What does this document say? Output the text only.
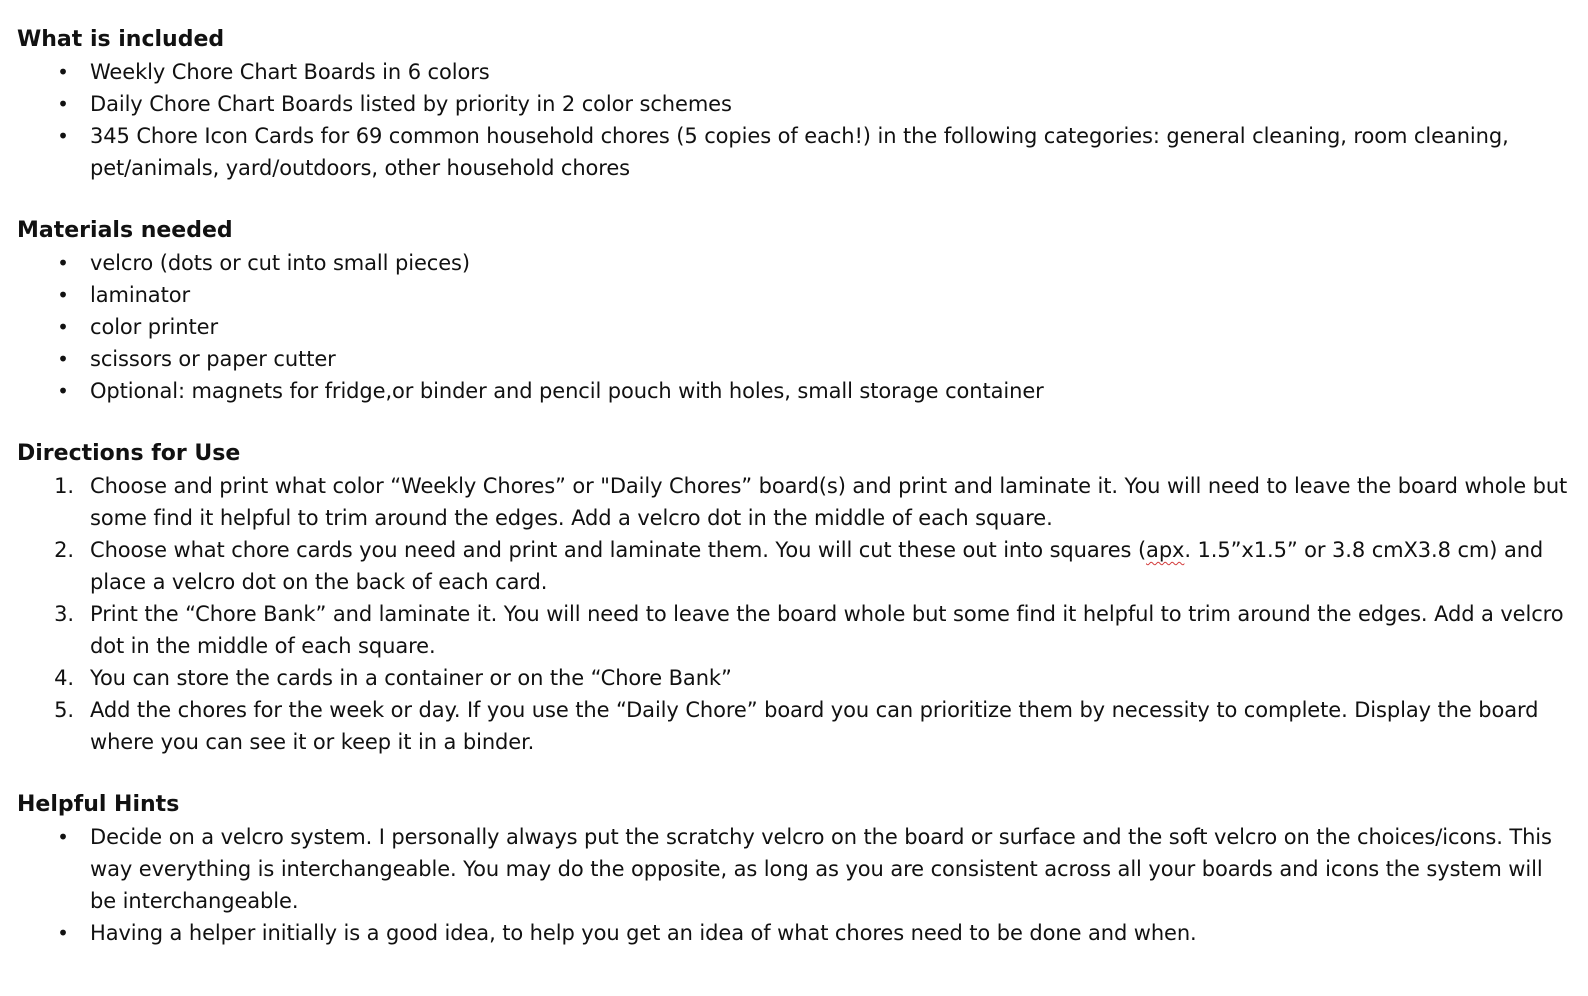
What is included

• Weekly Chore Chart Boards in 6 colors
• Daily Chore Chart Boards listed by priority in 2 color schemes
• 345 Chore Icon Cards for 69 common household chores (5 copies of each!) in the following categories: general cleaning, room cleaning, pet/animals, yard/outdoors, other household chores

Materials needed

• velcro (dots or cut into small pieces)
• laminator
• color printer
• scissors or paper cutter
• Optional: magnets for fridge,or binder and pencil pouch with holes, small storage container

Directions for Use

1. Choose and print what color “Weekly Chores” or "Daily Chores” board(s) and print and laminate it. You will need to leave the board whole but some find it helpful to trim around the edges. Add a velcro dot in the middle of each square.
2. Choose what chore cards you need and print and laminate them. You will cut these out into squares (apx. 1.5”x1.5” or 3.8 cmX3.8 cm) and place a velcro dot on the back of each card.
3. Print the “Chore Bank” and laminate it. You will need to leave the board whole but some find it helpful to trim around the edges. Add a velcro dot in the middle of each square.
4. You can store the cards in a container or on the “Chore Bank”
5. Add the chores for the week or day. If you use the “Daily Chore” board you can prioritize them by necessity to complete. Display the board where you can see it or keep it in a binder.

Helpful Hints

• Decide on a velcro system. I personally always put the scratchy velcro on the board or surface and the soft velcro on the choices/icons. This way everything is interchangeable. You may do the opposite, as long as you are consistent across all your boards and icons the system will be interchangeable.
• Having a helper initially is a good idea, to help you get an idea of what chores need to be done and when.
